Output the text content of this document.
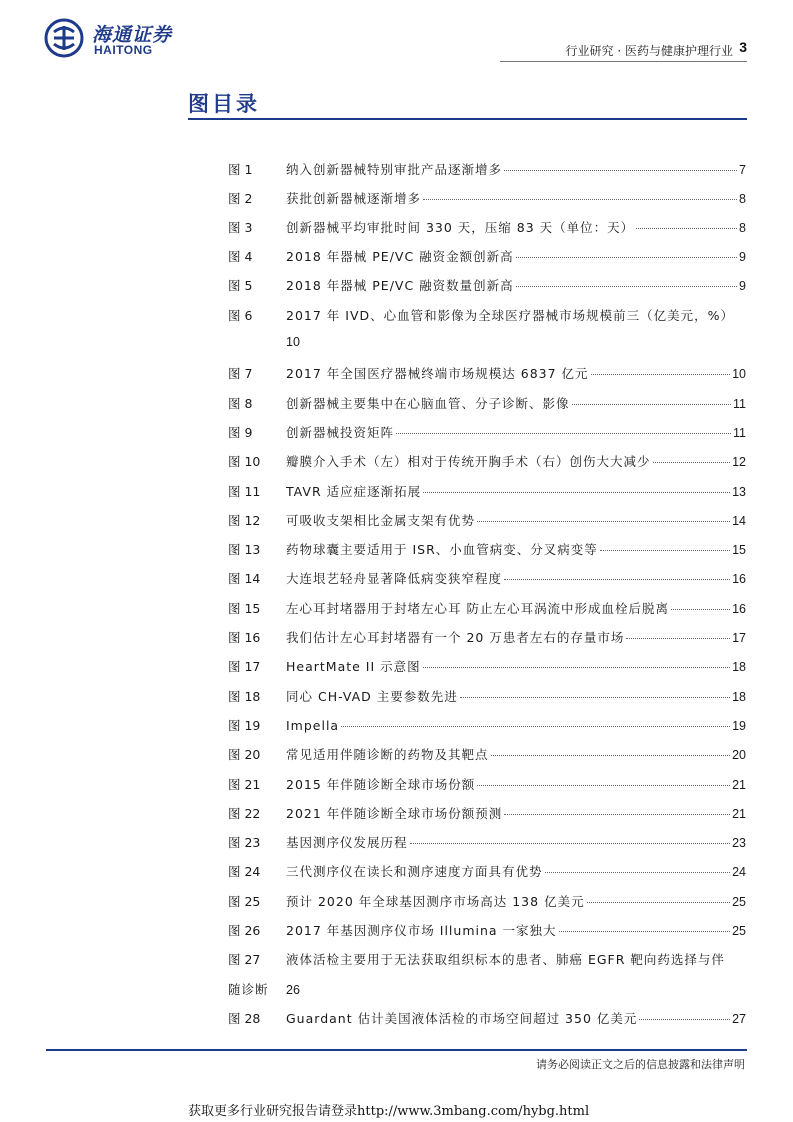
海通证券
HAITONG	行业研究 · 医药与健康护理行业 3
图目录
图 1	纳入创新器械特别审批产品逐渐增多	7
图 2	获批创新器械逐渐增多	8
图 3	创新器械平均审批时间 330 天，压缩 83 天（单位：天）	8
图 4	2018 年器械 PE/VC 融资金额创新高	9
图 5	2018 年器械 PE/VC 融资数量创新高	9
图 6	2017 年 IVD、心血管和影像为全球医疗器械市场规模前三（亿美元，%）
10
图 7	2017 年全国医疗器械终端市场规模达 6837 亿元	10
图 8	创新器械主要集中在心脑血管、分子诊断、影像	11
图 9	创新器械投资矩阵	11
图 10	瓣膜介入手术（左）相对于传统开胸手术（右）创伤大大减少	12
图 11	TAVR 适应症逐渐拓展	13
图 12	可吸收支架相比金属支架有优势	14
图 13	药物球囊主要适用于 ISR、小血管病变、分叉病变等	15
图 14	大连垠艺轻舟显著降低病变狭窄程度	16
图 15	左心耳封堵器用于封堵左心耳 防止左心耳涡流中形成血栓后脱离	16
图 16	我们估计左心耳封堵器有一个 20 万患者左右的存量市场	17
图 17	HeartMate II 示意图	18
图 18	同心 CH-VAD 主要参数先进	18
图 19	Impella	19
图 20	常见适用伴随诊断的药物及其靶点	20
图 21	2015 年伴随诊断全球市场份额	21
图 22	2021 年伴随诊断全球市场份额预测	21
图 23	基因测序仪发展历程	23
图 24	三代测序仪在读长和测序速度方面具有优势	24
图 25	预计 2020 年全球基因测序市场高达 138 亿美元	25
图 26	2017 年基因测序仪市场 Illumina 一家独大	25
图 27	液体活检主要用于无法获取组织标本的患者、肺癌 EGFR 靶向药选择与伴
随诊断	26
图 28	Guardant 估计美国液体活检的市场空间超过 350 亿美元	27
请务必阅读正文之后的信息披露和法律声明
获取更多行业研究报告请登录http://www.3mbang.com/hybg.html
